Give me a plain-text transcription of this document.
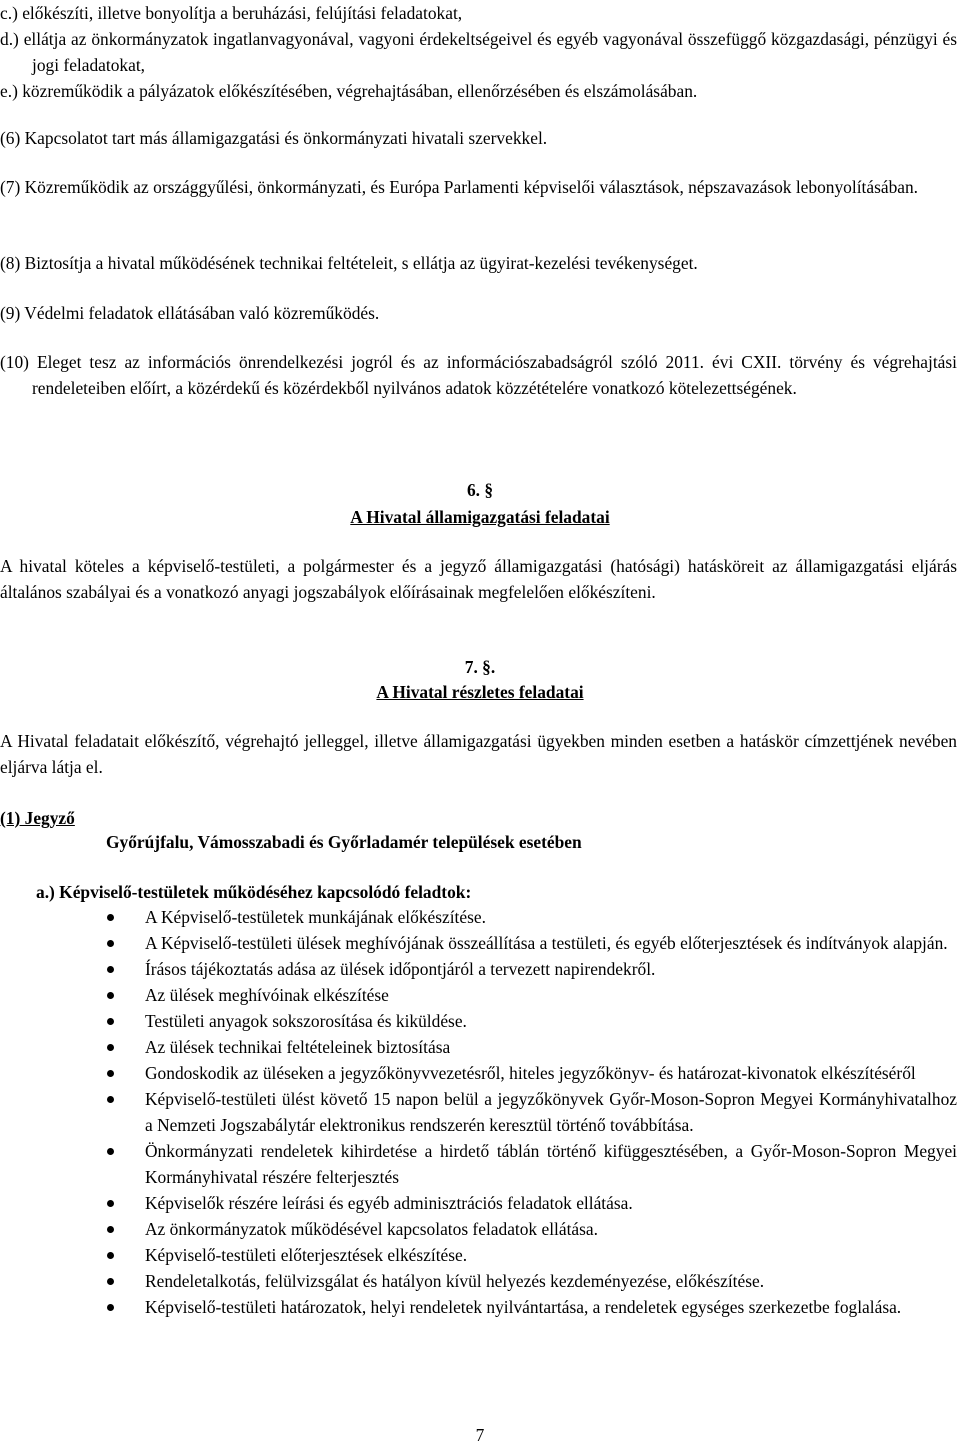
c.) előkészíti, illetve bonyolítja a beruházási, felújítási feladatokat,

d.) ellátja az önkormányzatok ingatlanvagyonával, vagyoni érdekeltségeivel és egyéb vagyonával összefüggő közgazdasági, pénzügyi és jogi feladatokat,

e.) közreműködik a pályázatok előkészítésében, végrehajtásában, ellenőrzésében és elszámolásában.

(6) Kapcsolatot tart más államigazgatási és önkormányzati hivatali szervekkel.

(7) Közreműködik az országgyűlési, önkormányzati, és Európa Parlamenti képviselői választások, népszavazások lebonyolításában.

(8) Biztosítja a hivatal működésének technikai feltételeit, s ellátja az ügyirat-kezelési tevékenységet.

(9) Védelmi feladatok ellátásában való közreműködés.

(10) Eleget tesz az információs önrendelkezési jogról és az információszabadságról szóló 2011. évi CXII. törvény és végrehajtási rendeleteiben előírt, a közérdekű és közérdekből nyilvános adatok közzétételére vonatkozó kötelezettségének.

6. §

A Hivatal államigazgatási feladatai

A hivatal köteles a képviselő-testületi, a polgármester és a jegyző államigazgatási (hatósági) hatásköreit az államigazgatási eljárás általános szabályai és a vonatkozó anyagi jogszabályok előírásainak megfelelően előkészíteni.

7. §.

A Hivatal részletes feladatai

A Hivatal feladatait előkészítő, végrehajtó jelleggel, illetve államigazgatási ügyekben minden esetben a hatáskör címzettjének nevében eljárva látja el.

(1) Jegyző

Győrújfalu, Vámosszabadi és Győrladamér települések esetében

a.) Képviselő-testületek működéséhez kapcsolódó feladtok:

A Képviselő-testületek munkájának előkészítése.
A Képviselő-testületi ülések meghívójának összeállítása a testületi, és egyéb előterjesztések és indítványok alapján.
Írásos tájékoztatás adása az ülések időpontjáról a tervezett napirendekről.
Az ülések meghívóinak elkészítése
Testületi anyagok sokszorosítása és kiküldése.
Az ülések technikai feltételeinek biztosítása
Gondoskodik az üléseken a jegyzőkönyvvezetésről, hiteles jegyzőkönyv- és határozat-kivonatok elkészítéséről
Képviselő-testületi ülést követő 15 napon belül a jegyzőkönyvek Győr-Moson-Sopron Megyei Kormányhivatalhoz a Nemzeti Jogszabálytár elektronikus rendszerén keresztül történő továbbítása.
Önkormányzati rendeletek kihirdetése a hirdető táblán történő kifüggesztésében, a Győr-Moson-Sopron Megyei Kormányhivatal részére felterjesztés
Képviselők részére leírási és egyéb adminisztrációs feladatok ellátása.
Az önkormányzatok működésével kapcsolatos feladatok ellátása.
Képviselő-testületi előterjesztések elkészítése.
Rendeletalkotás, felülvizsgálat és hatályon kívül helyezés kezdeményezése, előkészítése.
Képviselő-testületi határozatok, helyi rendeletek nyilvántartása, a rendeletek egységes szerkezetbe foglalása.
7
